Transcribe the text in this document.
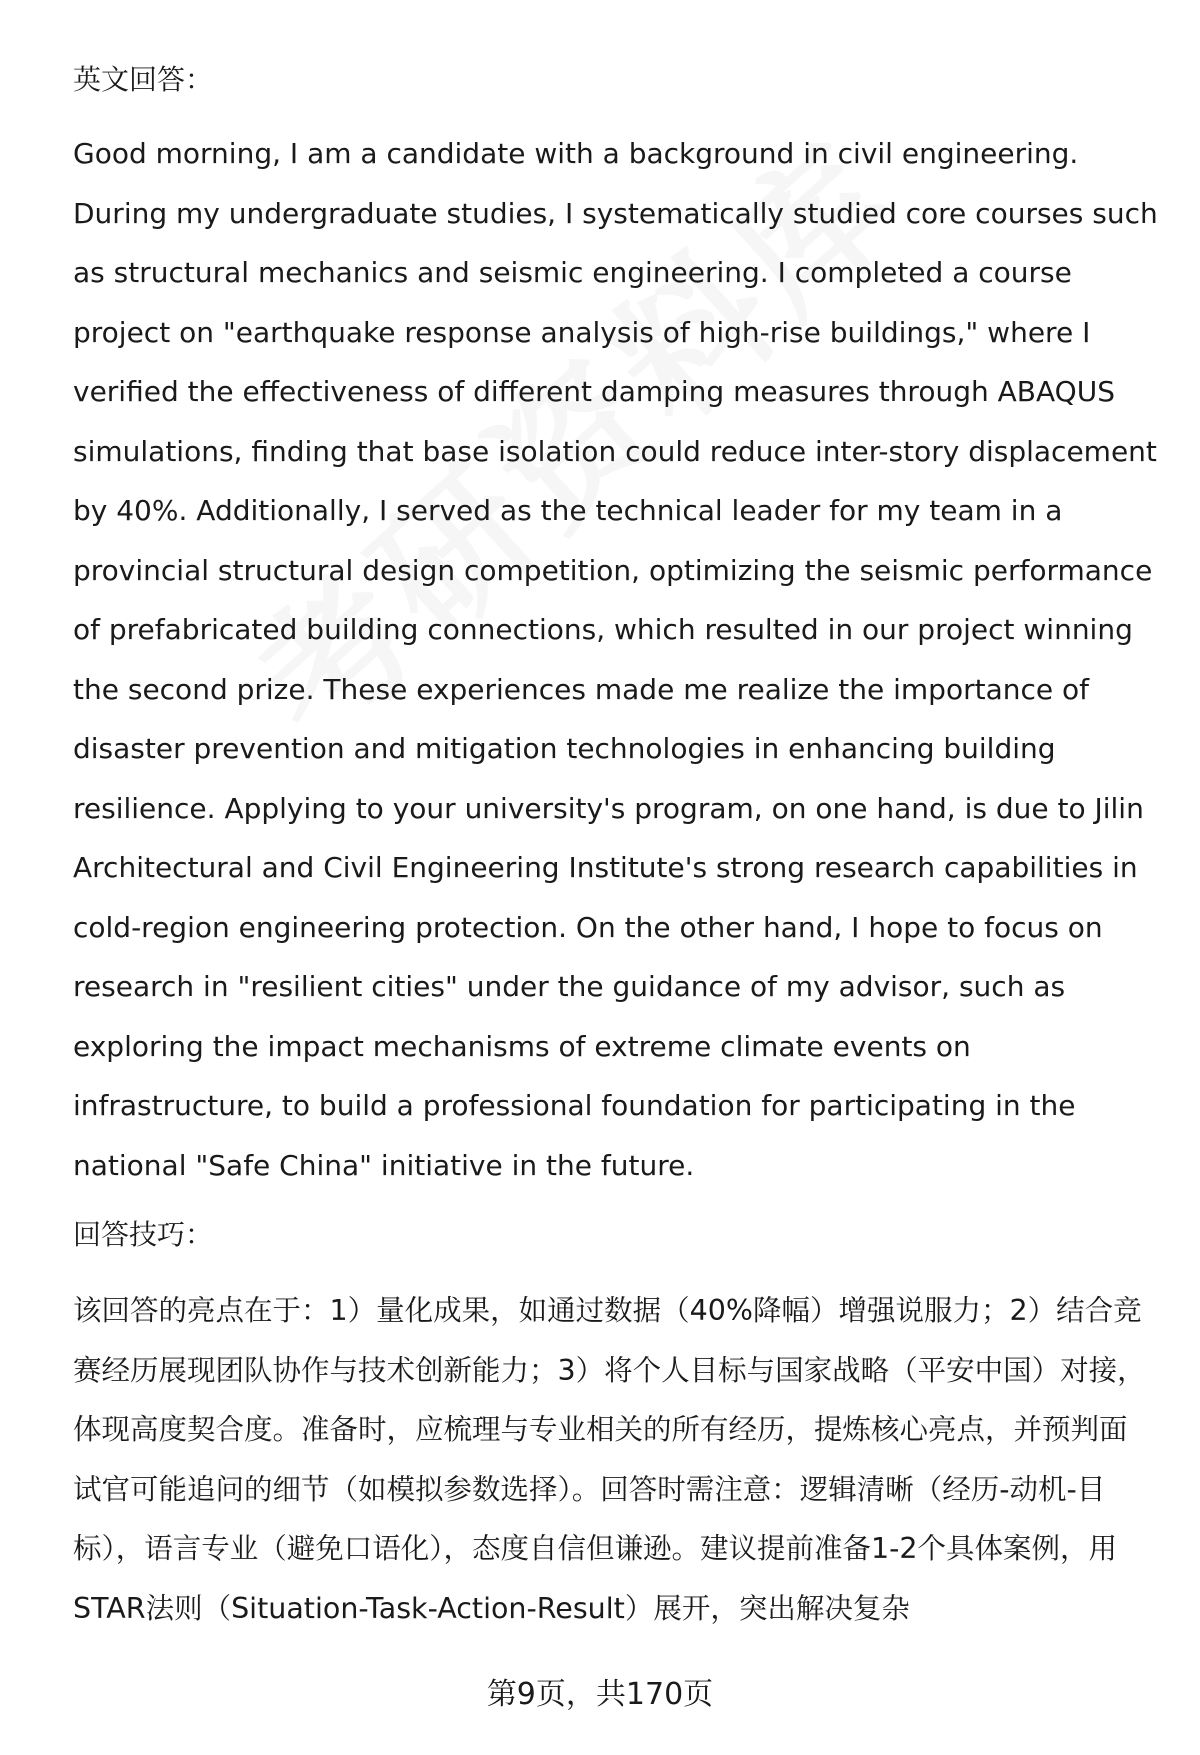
英文回答：
Good morning, I am a candidate with a background in civil engineering. During my undergraduate studies, I systematically studied core courses such as structural mechanics and seismic engineering. I completed a course project on "earthquake response analysis of high-rise buildings," where I verified the effectiveness of different damping measures through ABAQUS simulations, finding that base isolation could reduce inter-story displacement by 40%. Additionally, I served as the technical leader for my team in a provincial structural design competition, optimizing the seismic performance of prefabricated building connections, which resulted in our project winning the second prize. These experiences made me realize the importance of disaster prevention and mitigation technologies in enhancing building resilience. Applying to your university's program, on one hand, is due to Jilin Architectural and Civil Engineering Institute's strong research capabilities in cold-region engineering protection. On the other hand, I hope to focus on research in "resilient cities" under the guidance of my advisor, such as exploring the impact mechanisms of extreme climate events on infrastructure, to build a professional foundation for participating in the national "Safe China" initiative in the future.
回答技巧：
该回答的亮点在于：1）量化成果，如通过数据（40%降幅）增强说服力；2）结合竞赛经历展现团队协作与技术创新能力；3）将个人目标与国家战略（平安中国）对接，体现高度契合度。准备时，应梳理与专业相关的所有经历，提炼核心亮点，并预判面试官可能追问的细节（如模拟参数选择）。回答时需注意：逻辑清晰（经历-动机-目标），语言专业（避免口语化），态度自信但谦逊。建议提前准备1-2个具体案例，用STAR法则（Situation-Task-Action-Result）展开，突出解决复杂
第9页，共170页
